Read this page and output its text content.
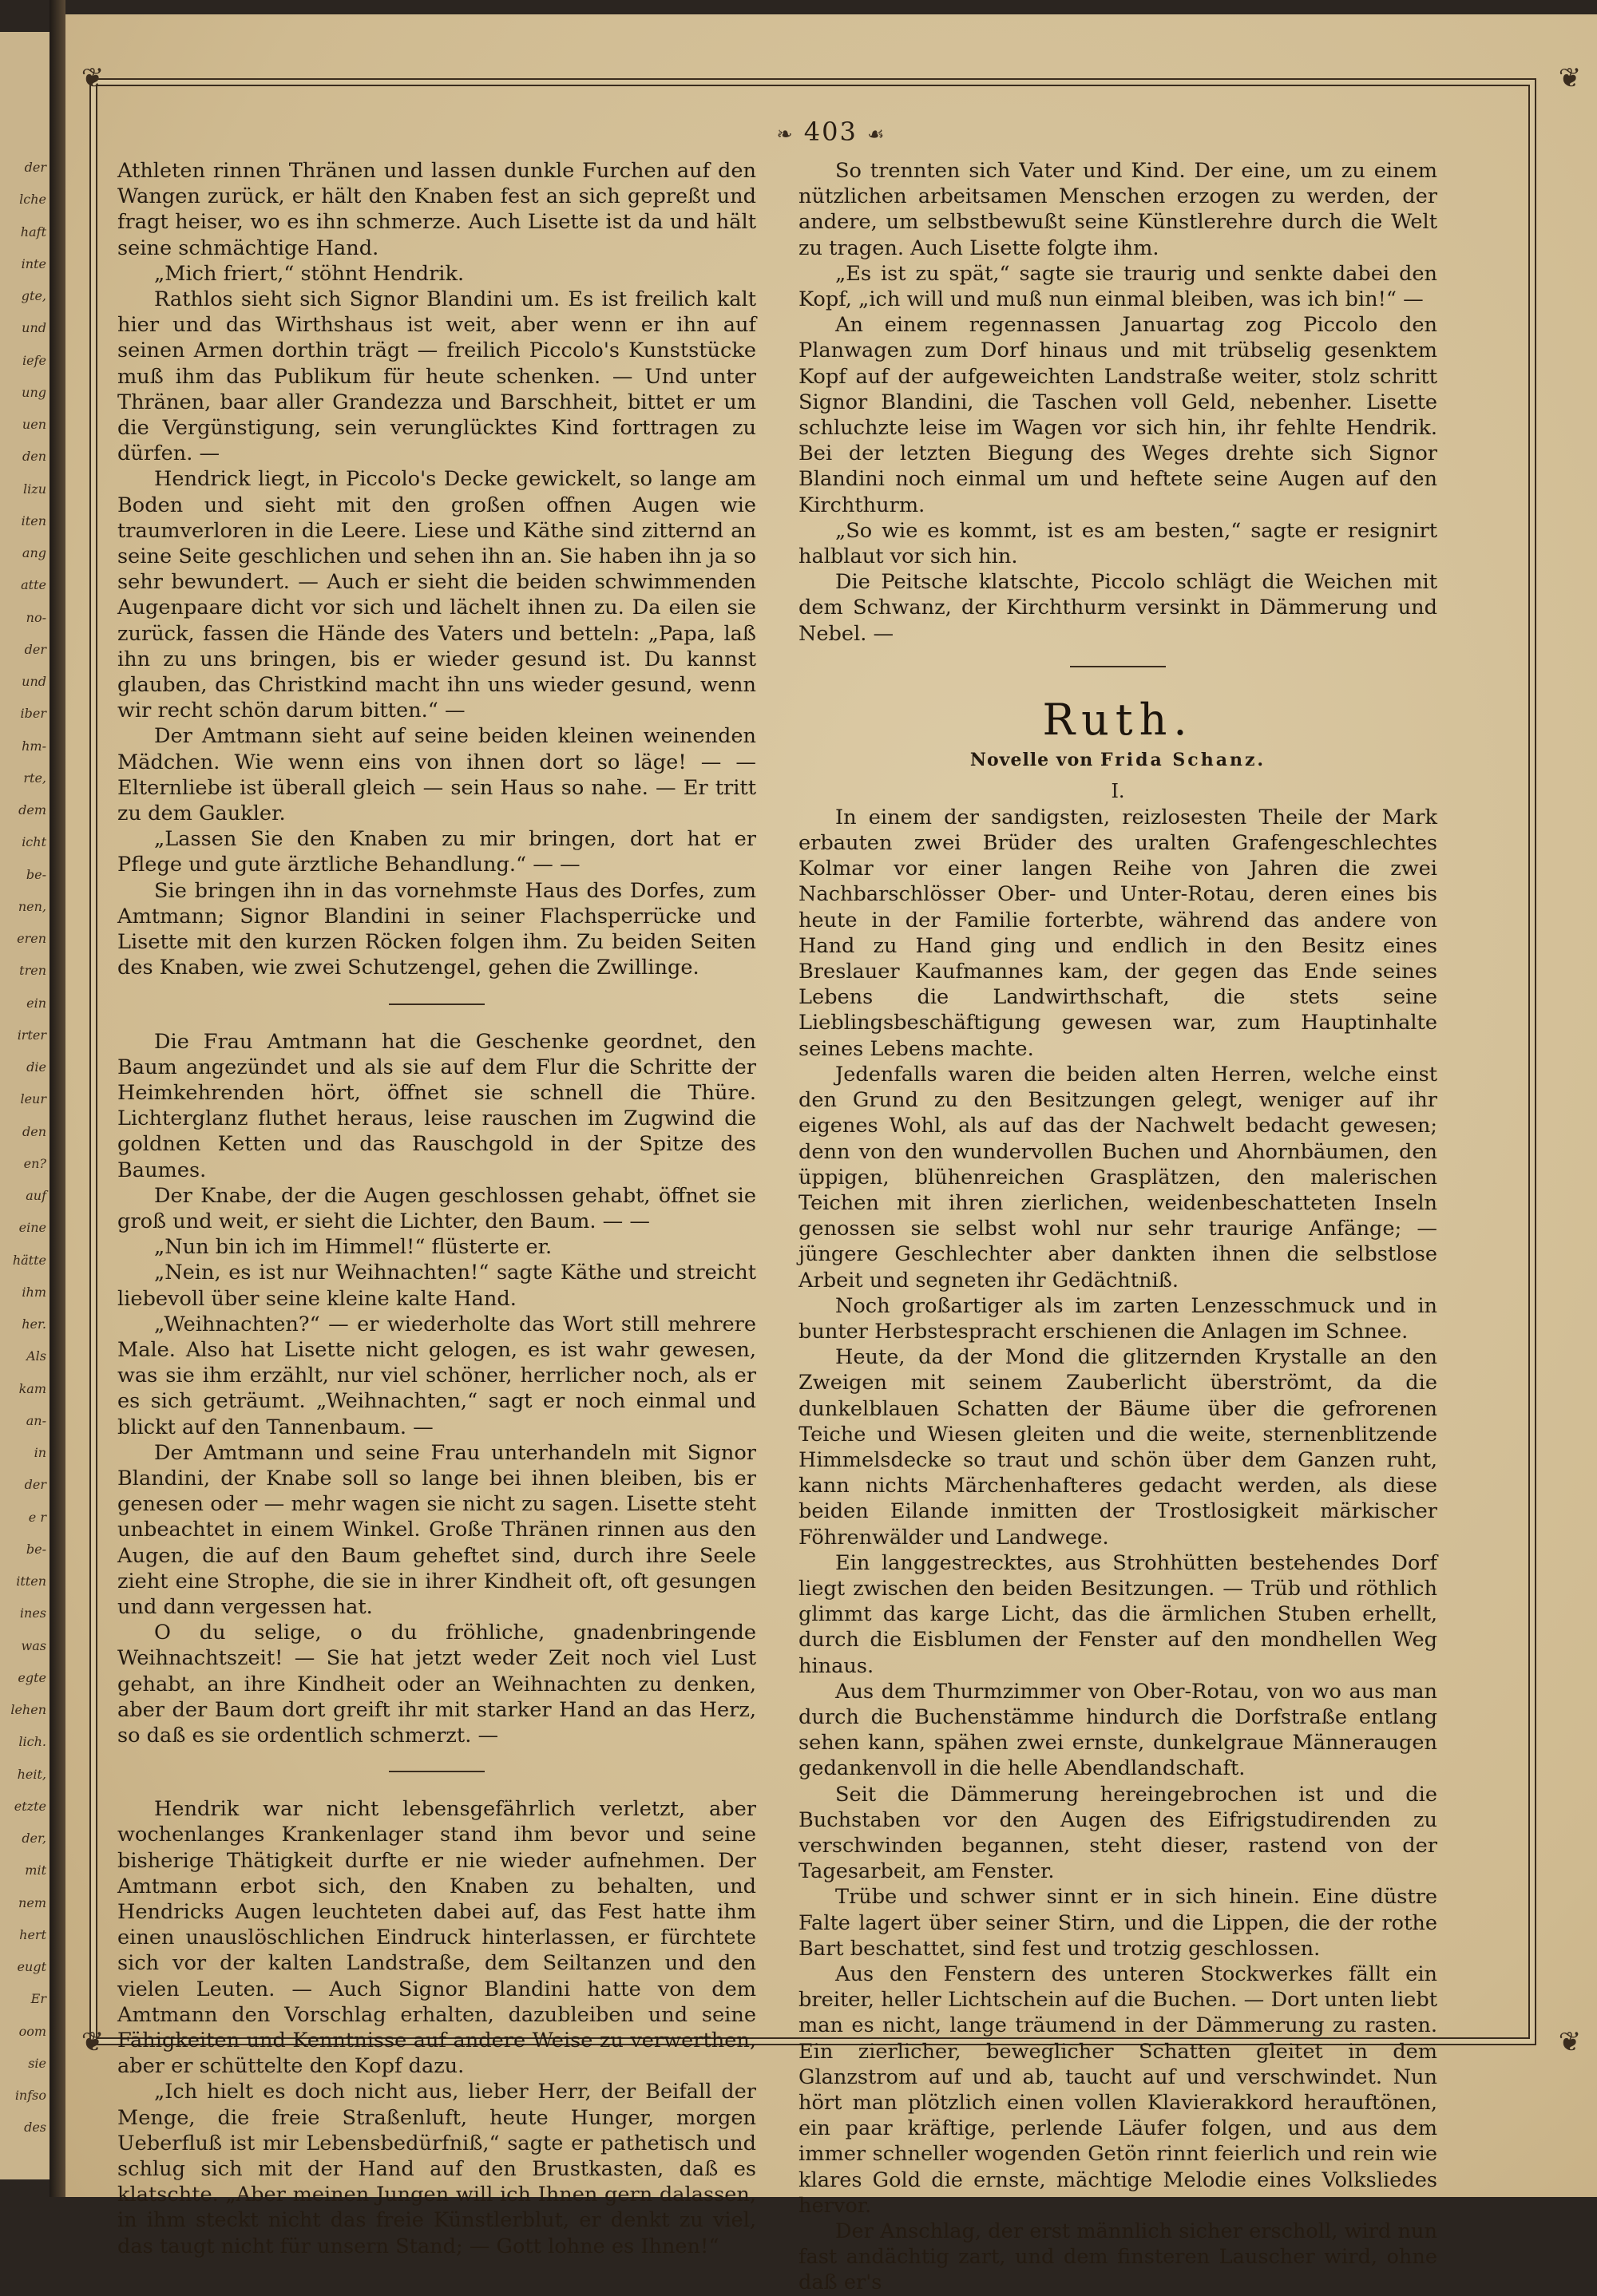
der
lche
haft
inte
gte,
und
iefe
ung
uen
den
lizu
iten
ang
atte
no-
der
und
iber
hm-
rte,
dem
icht
be-
nen,
eren
tren
ein
irter
die
leur
den
en?
auf
eine
hätte
ihm
her.
Als
kam
an-
in
der
e r
be-
itten
ines
was
egte
lehen
lich.
heit,
etzte
der,
mit
nem
hert
eugt
Er
oom
sie
infso
des
❦	❦
❦	❦
❧ 403 ☙

Athleten rinnen Thränen und lassen dunkle Furchen auf den Wangen zurück, er hält den Knaben fest an sich gepreßt und fragt heiser, wo es ihn schmerze. Auch Lisette ist da und hält seine schmächtige Hand.

„Mich friert,“ stöhnt Hendrik.

Rathlos sieht sich Signor Blandini um. Es ist freilich kalt hier und das Wirthshaus ist weit, aber wenn er ihn auf seinen Armen dorthin trägt — freilich Piccolo's Kunststücke muß ihm das Publikum für heute schenken. — Und unter Thränen, baar aller Grandezza und Barschheit, bittet er um die Vergünstigung, sein verunglücktes Kind forttragen zu dürfen. —

Hendrick liegt, in Piccolo's Decke gewickelt, so lange am Boden und sieht mit den großen offnen Augen wie traumverloren in die Leere. Liese und Käthe sind zitternd an seine Seite geschlichen und sehen ihn an. Sie haben ihn ja so sehr bewundert. — Auch er sieht die beiden schwimmenden Augenpaare dicht vor sich und lächelt ihnen zu. Da eilen sie zurück, fassen die Hände des Vaters und betteln: „Papa, laß ihn zu uns bringen, bis er wieder gesund ist. Du kannst glauben, das Christkind macht ihn uns wieder gesund, wenn wir recht schön darum bitten.“ —

Der Amtmann sieht auf seine beiden kleinen weinenden Mädchen. Wie wenn eins von ihnen dort so läge! — — Elternliebe ist überall gleich — sein Haus so nahe. — Er tritt zu dem Gaukler.

„Lassen Sie den Knaben zu mir bringen, dort hat er Pflege und gute ärztliche Behandlung.“ — —

Sie bringen ihn in das vornehmste Haus des Dorfes, zum Amtmann; Signor Blandini in seiner Flachsperrücke und Lisette mit den kurzen Röcken folgen ihm. Zu beiden Seiten des Knaben, wie zwei Schutzengel, gehen die Zwillinge.

Die Frau Amtmann hat die Geschenke geordnet, den Baum angezündet und als sie auf dem Flur die Schritte der Heimkehrenden hört, öffnet sie schnell die Thüre. Lichterglanz fluthet heraus, leise rauschen im Zugwind die goldnen Ketten und das Rauschgold in der Spitze des Baumes.

Der Knabe, der die Augen geschlossen gehabt, öffnet sie groß und weit, er sieht die Lichter, den Baum. — —

„Nun bin ich im Himmel!“ flüsterte er.

„Nein, es ist nur Weihnachten!“ sagte Käthe und streicht liebevoll über seine kleine kalte Hand.

„Weihnachten?“ — er wiederholte das Wort still mehrere Male. Also hat Lisette nicht gelogen, es ist wahr gewesen, was sie ihm erzählt, nur viel schöner, herrlicher noch, als er es sich geträumt. „Weihnachten,“ sagt er noch einmal und blickt auf den Tannenbaum. —

Der Amtmann und seine Frau unterhandeln mit Signor Blandini, der Knabe soll so lange bei ihnen bleiben, bis er genesen oder — mehr wagen sie nicht zu sagen. Lisette steht unbeachtet in einem Winkel. Große Thränen rinnen aus den Augen, die auf den Baum geheftet sind, durch ihre Seele zieht eine Strophe, die sie in ihrer Kindheit oft, oft gesungen und dann vergessen hat.

O du selige, o du fröhliche, gnadenbringende Weihnachtszeit! — Sie hat jetzt weder Zeit noch viel Lust gehabt, an ihre Kindheit oder an Weihnachten zu denken, aber der Baum dort greift ihr mit starker Hand an das Herz, so daß es sie ordentlich schmerzt. —

Hendrik war nicht lebensgefährlich verletzt, aber wochenlanges Krankenlager stand ihm bevor und seine bisherige Thätigkeit durfte er nie wieder aufnehmen. Der Amtmann erbot sich, den Knaben zu behalten, und Hendricks Augen leuchteten dabei auf, das Fest hatte ihm einen unauslöschlichen Eindruck hinterlassen, er fürchtete sich vor der kalten Landstraße, dem Seiltanzen und den vielen Leuten. — Auch Signor Blandini hatte von dem Amtmann den Vorschlag erhalten, dazubleiben und seine Fähigkeiten und Kenntnisse auf andere Weise zu verwerthen, aber er schüttelte den Kopf dazu.

„Ich hielt es doch nicht aus, lieber Herr, der Beifall der Menge, die freie Straßenluft, heute Hunger, morgen Ueberfluß ist mir Lebensbedürfniß,“ sagte er pathetisch und schlug sich mit der Hand auf den Brustkasten, daß es klatschte. „Aber meinen Jungen will ich Ihnen gern dalassen, in ihm steckt nicht das freie Künstlerblut, er denkt zu viel, das taugt nicht für unsern Stand; — Gott lohne es Ihnen!“

So trennten sich Vater und Kind. Der eine, um zu einem nützlichen arbeitsamen Menschen erzogen zu werden, der andere, um selbstbewußt seine Künstlerehre durch die Welt zu tragen. Auch Lisette folgte ihm.

„Es ist zu spät,“ sagte sie traurig und senkte dabei den Kopf, „ich will und muß nun einmal bleiben, was ich bin!“ —

An einem regennassen Januartag zog Piccolo den Planwagen zum Dorf hinaus und mit trübselig gesenktem Kopf auf der aufgeweichten Landstraße weiter, stolz schritt Signor Blandini, die Taschen voll Geld, nebenher. Lisette schluchzte leise im Wagen vor sich hin, ihr fehlte Hendrik. Bei der letzten Biegung des Weges drehte sich Signor Blandini noch einmal um und heftete seine Augen auf den Kirchthurm.

„So wie es kommt, ist es am besten,“ sagte er resignirt halblaut vor sich hin.

Die Peitsche klatschte, Piccolo schlägt die Weichen mit dem Schwanz, der Kirchthurm versinkt in Dämmerung und Nebel. —

Ruth.
Novelle von Frida Schanz.
I.

In einem der sandigsten, reizlosesten Theile der Mark erbauten zwei Brüder des uralten Grafengeschlechtes Kolmar vor einer langen Reihe von Jahren die zwei Nachbarschlösser Ober- und Unter-Rotau, deren eines bis heute in der Familie forterbte, während das andere von Hand zu Hand ging und endlich in den Besitz eines Breslauer Kaufmannes kam, der gegen das Ende seines Lebens die Landwirthschaft, die stets seine Lieblingsbeschäftigung gewesen war, zum Hauptinhalte seines Lebens machte.

Jedenfalls waren die beiden alten Herren, welche einst den Grund zu den Besitzungen gelegt, weniger auf ihr eigenes Wohl, als auf das der Nachwelt bedacht gewesen; denn von den wundervollen Buchen und Ahornbäumen, den üppigen, blühenreichen Grasplätzen, den malerischen Teichen mit ihren zierlichen, weidenbeschatteten Inseln genossen sie selbst wohl nur sehr traurige Anfänge; — jüngere Geschlechter aber dankten ihnen die selbstlose Arbeit und segneten ihr Gedächtniß.

Noch großartiger als im zarten Lenzesschmuck und in bunter Herbstespracht erschienen die Anlagen im Schnee.

Heute, da der Mond die glitzernden Krystalle an den Zweigen mit seinem Zauberlicht überströmt, da die dunkelblauen Schatten der Bäume über die gefrorenen Teiche und Wiesen gleiten und die weite, sternenblitzende Himmelsdecke so traut und schön über dem Ganzen ruht, kann nichts Märchenhafteres gedacht werden, als diese beiden Eilande inmitten der Trostlosigkeit märkischer Föhrenwälder und Landwege.

Ein langgestrecktes, aus Strohhütten bestehendes Dorf liegt zwischen den beiden Besitzungen. — Trüb und röthlich glimmt das karge Licht, das die ärmlichen Stuben erhellt, durch die Eisblumen der Fenster auf den mondhellen Weg hinaus.

Aus dem Thurmzimmer von Ober-Rotau, von wo aus man durch die Buchenstämme hindurch die Dorfstraße entlang sehen kann, spähen zwei ernste, dunkelgraue Männeraugen gedankenvoll in die helle Abendlandschaft.

Seit die Dämmerung hereingebrochen ist und die Buchstaben vor den Augen des Eifrigstudirenden zu verschwinden begannen, steht dieser, rastend von der Tagesarbeit, am Fenster.

Trübe und schwer sinnt er in sich hinein. Eine düstre Falte lagert über seiner Stirn, und die Lippen, die der rothe Bart beschattet, sind fest und trotzig geschlossen.

Aus den Fenstern des unteren Stockwerkes fällt ein breiter, heller Lichtschein auf die Buchen. — Dort unten liebt man es nicht, lange träumend in der Dämmerung zu rasten. Ein zierlicher, beweglicher Schatten gleitet in dem Glanzstrom auf und ab, taucht auf und verschwindet. Nun hört man plötzlich einen vollen Klavierakkord herauftönen, ein paar kräftige, perlende Läufer folgen, und aus dem immer schneller wogenden Getön rinnt feierlich und rein wie klares Gold die ernste, mächtige Melodie eines Volksliedes hervor.

Der Anschlag, der erst männlich sicher erscholl, wird nun fast andächtig zart, und dem finsteren Lauscher wird, ohne daß er's
